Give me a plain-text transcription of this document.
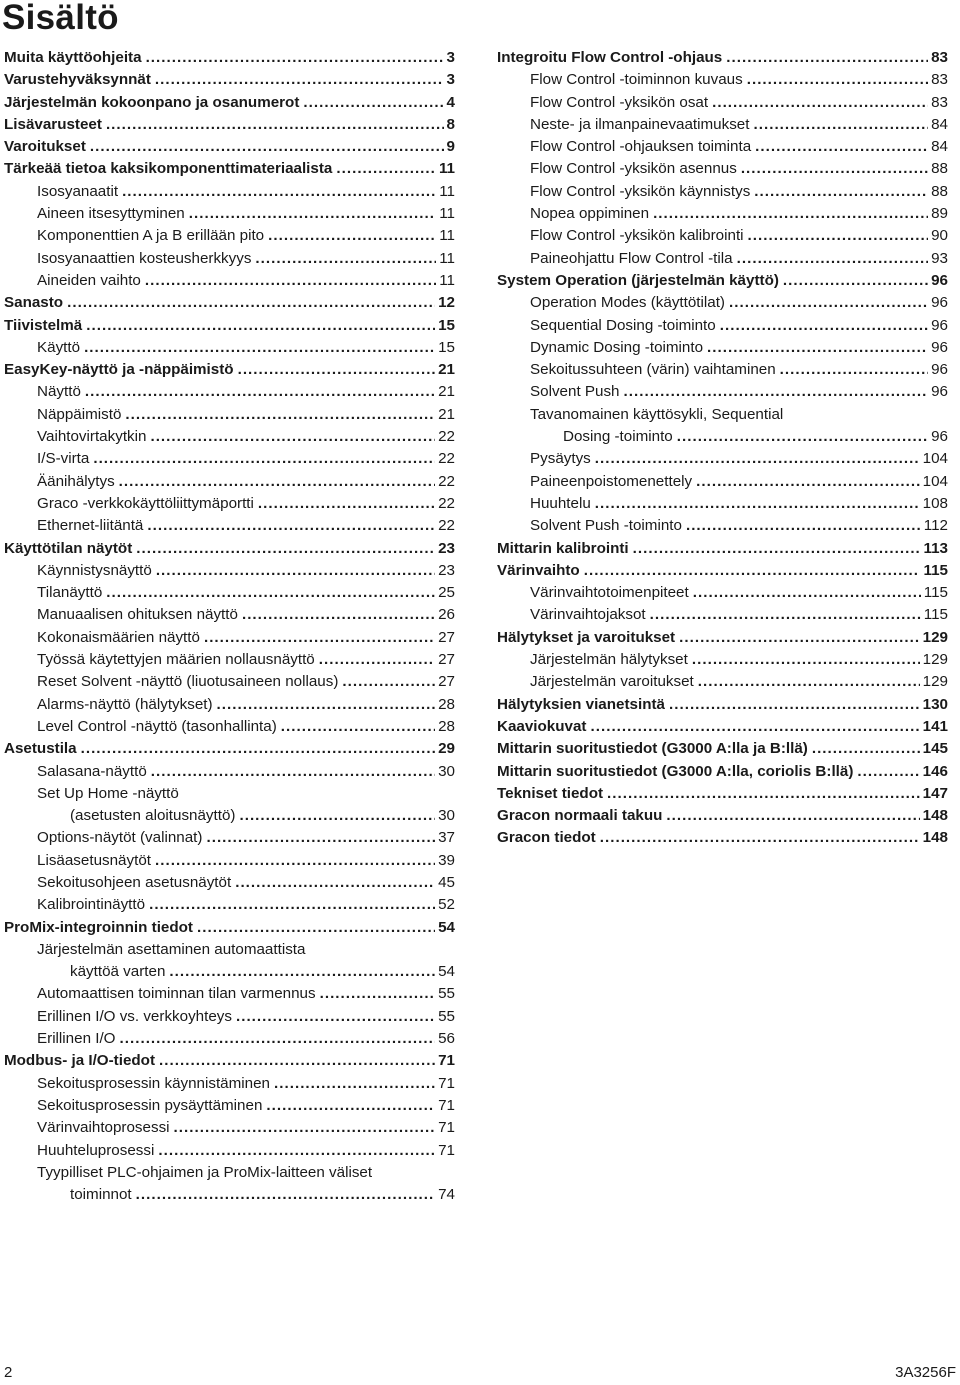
Sisältö
Muita käyttöohjeita . . .	3
Varustehyväksynnät . . .	3
Järjestelmän kokoonpano ja osanumerot . . .	4
Lisävarusteet . . .	8
Varoitukset . . .	9
Tärkeää tietoa kaksikomponenttimateriaalista . . .	11
Isosyanaatit . . .	11
Aineen itsesyttyminen . . .	11
Komponenttien A ja B erillään pito . . .	11
Isosyanaattien kosteusherkkyys . . .	11
Aineiden vaihto . . .	11
Sanasto . . .	12
Tiivistelmä . . .	15
Käyttö . . .	15
EasyKey-näyttö ja -näppäimistö . . .	21
Näyttö . . .	21
Näppäimistö . . .	21
Vaihtovirtakytkin . . .	22
I/S-virta . . .	22
Äänihälytys . . .	22
Graco -verkkokäyttöliittymäportti . . .	22
Ethernet-liitäntä . . .	22
Käyttötilan näytöt . . .	23
Käynnistysnäyttö . . .	23
Tilanäyttö . . .	25
Manuaalisen ohituksen näyttö . . .	26
Kokonaismäärien näyttö . . .	27
Työssä käytettyjen määrien nollausnäyttö . . .	27
Reset Solvent -näyttö (liuotusaineen nollaus) . . .	27
Alarms-näyttö (hälytykset) . . .	28
Level Control -näyttö (tasonhallinta) . . .	28
Asetustila . . .	29
Salasana-näyttö . . .	30
Set Up Home -näyttö
(asetusten aloitusnäyttö) . . .	30
Options-näytöt (valinnat) . . .	37
Lisäasetusnäytöt . . .	39
Sekoitusohjeen asetusnäytöt . . .	45
Kalibrointinäyttö . . .	52
ProMix-integroinnin tiedot . . .	54
Järjestelmän asettaminen automaattista
käyttöä varten . . .	54
Automaattisen toiminnan tilan varmennus . . .	55
Erillinen I/O vs. verkkoyhteys . . .	55
Erillinen I/O . . .	56
Modbus- ja I/O-tiedot . . .	71
Sekoitusprosessin käynnistäminen . . .	71
Sekoitusprosessin pysäyttäminen . . .	71
Värinvaihtoprosessi . . .	71
Huuhteluprosessi . . .	71
Tyypilliset PLC-ohjaimen ja ProMix-laitteen väliset
toiminnot . . .	74
Integroitu Flow Control -ohjaus . . .	83
Flow Control -toiminnon kuvaus . . .	83
Flow Control -yksikön osat . . .	83
Neste- ja ilmanpainevaatimukset . . .	84
Flow Control -ohjauksen toiminta . . .	84
Flow Control -yksikön asennus . . .	88
Flow Control -yksikön käynnistys . . .	88
Nopea oppiminen . . .	89
Flow Control -yksikön kalibrointi . . .	90
Paineohjattu Flow Control -tila . . .	93
System Operation (järjestelmän käyttö) . . .	96
Operation Modes (käyttötilat) . . .	96
Sequential Dosing -toiminto . . .	96
Dynamic Dosing -toiminto . . .	96
Sekoitussuhteen (värin) vaihtaminen . . .	96
Solvent Push . . .	96
Tavanomainen käyttösykli, Sequential
Dosing -toiminto . . .	96
Pysäytys . . .	104
Paineenpoistomenettely . . .	104
Huuhtelu . . .	108
Solvent Push -toiminto . . .	112
Mittarin kalibrointi . . .	113
Värinvaihto . . .	115
Värinvaihtotoimenpiteet . . .	115
Värinvaihtojaksot . . .	115
Hälytykset ja varoitukset . . .	129
Järjestelmän hälytykset . . .	129
Järjestelmän varoitukset . . .	129
Hälytyksien vianetsintä . . .	130
Kaaviokuvat . . .	141
Mittarin suoritustiedot (G3000 A:lla ja B:llä) . . .	145
Mittarin suoritustiedot (G3000 A:lla, coriolis B:llä) . . .	146
Tekniset tiedot . . .	147
Gracon normaali takuu . . .	148
Gracon tiedot . . .	148
2	3A3256F
